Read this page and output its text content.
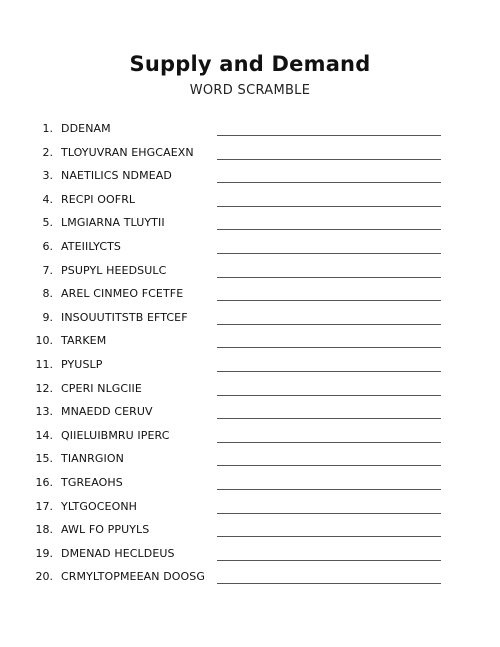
Supply and Demand
WORD SCRAMBLE
1. DDENAM
2. TLOYUVRAN EHGCAEXN
3. NAETILICS NDMEAD
4. RECPI OOFRL
5. LMGIARNA TLUYTII
6. ATEIILYCTS
7. PSUPYL HEEDSULC
8. AREL CINMEO FCETFE
9. INSOUUTITSTB EFTCEF
10. TARKEM
11. PYUSLP
12. CPERI NLGCIIE
13. MNAEDD CERUV
14. QIIELUIBMRU IPERC
15. TIANRGION
16. TGREAOHS
17. YLTGOCEONH
18. AWL FO PPUYLS
19. DMENAD HECLDEUS
20. CRMYLTOPMEEAN DOOSG
